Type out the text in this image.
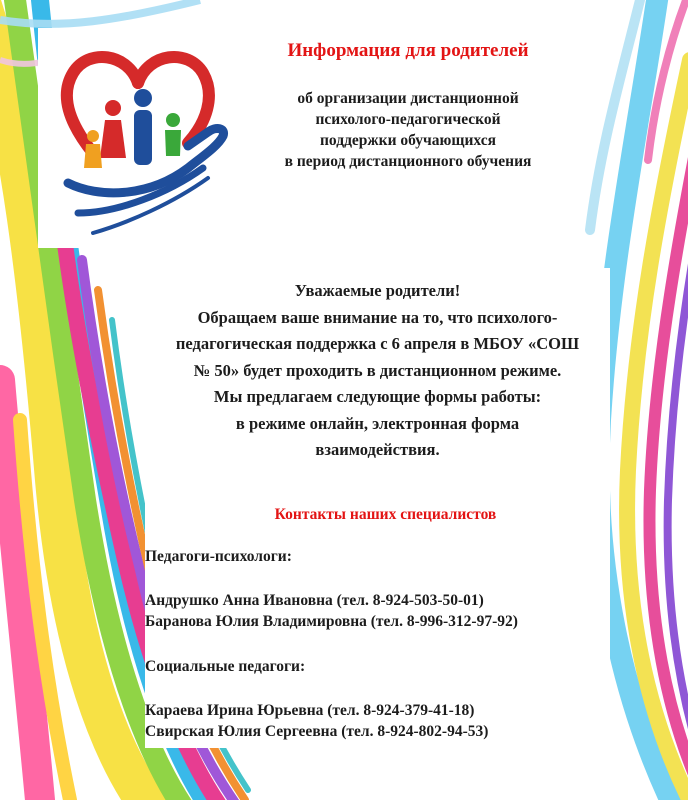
Информация для родителей
об организации дистанционной
психолого-педагогической
поддержки обучающихся
в период дистанционного обучения
Уважаемые родители!
Обращаем ваше внимание на то, что психолого-
педагогическая поддержка с 6 апреля в МБОУ «СОШ
№ 50» будет проходить в дистанционном режиме.
Мы предлагаем следующие формы работы:
в режиме онлайн, электронная форма
взаимодействия.
Контакты наших специалистов
Педагоги-психологи:
Андрушко Анна Ивановна (тел. 8-924-503-50-01)
Баранова Юлия Владимировна (тел. 8-996-312-97-92)
Социальные педагоги:
Караева Ирина Юрьевна (тел. 8-924-379-41-18)
Свирская Юлия Сергеевна (тел. 8-924-802-94-53)
